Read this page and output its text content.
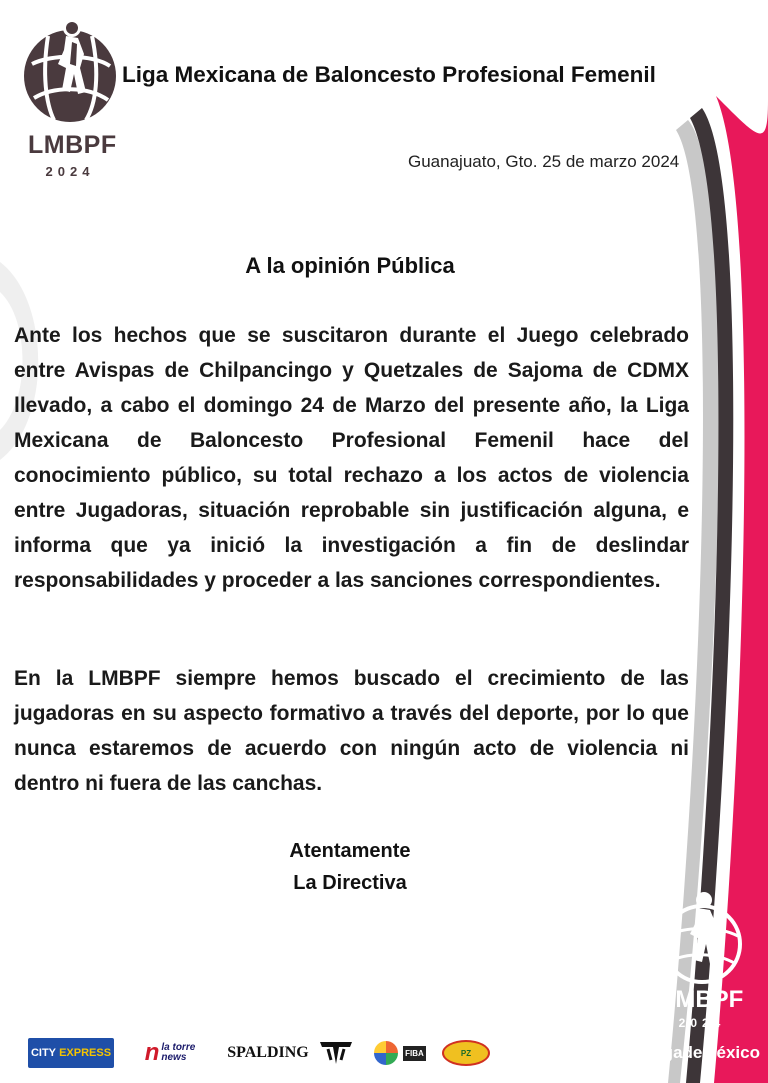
LMBPF
2024
Liga Mexicana de Baloncesto Profesional Femenil
Guanajuato, Gto. 25 de marzo 2024
A la opinión Pública

Ante los hechos que se suscitaron durante el Juego celebrado entre Avispas de Chilpancingo y Quetzales de Sajoma de CDMX llevado, a cabo el domingo 24 de Marzo del presente año, la Liga Mexicana de Baloncesto Profesional Femenil hace del conocimiento público, su total rechazo a los actos de violencia entre Jugadoras, situación reprobable sin justificación alguna, e informa que ya inició la investigación a fin de deslindar responsabilidades y proceder a las sanciones correspondientes.

En la LMBPF siempre hemos buscado el crecimiento de las jugadoras en su aspecto formativo a través del deporte, por lo que nunca estaremos de acuerdo con ningún acto de violencia ni dentro ni fuera de las canchas.

Atentamente
La Directiva
LMBPF
2024
#LaLigadeMéxico
CITY
EXPRESS n la torre
news	SPALDING	FIBA	PZ
